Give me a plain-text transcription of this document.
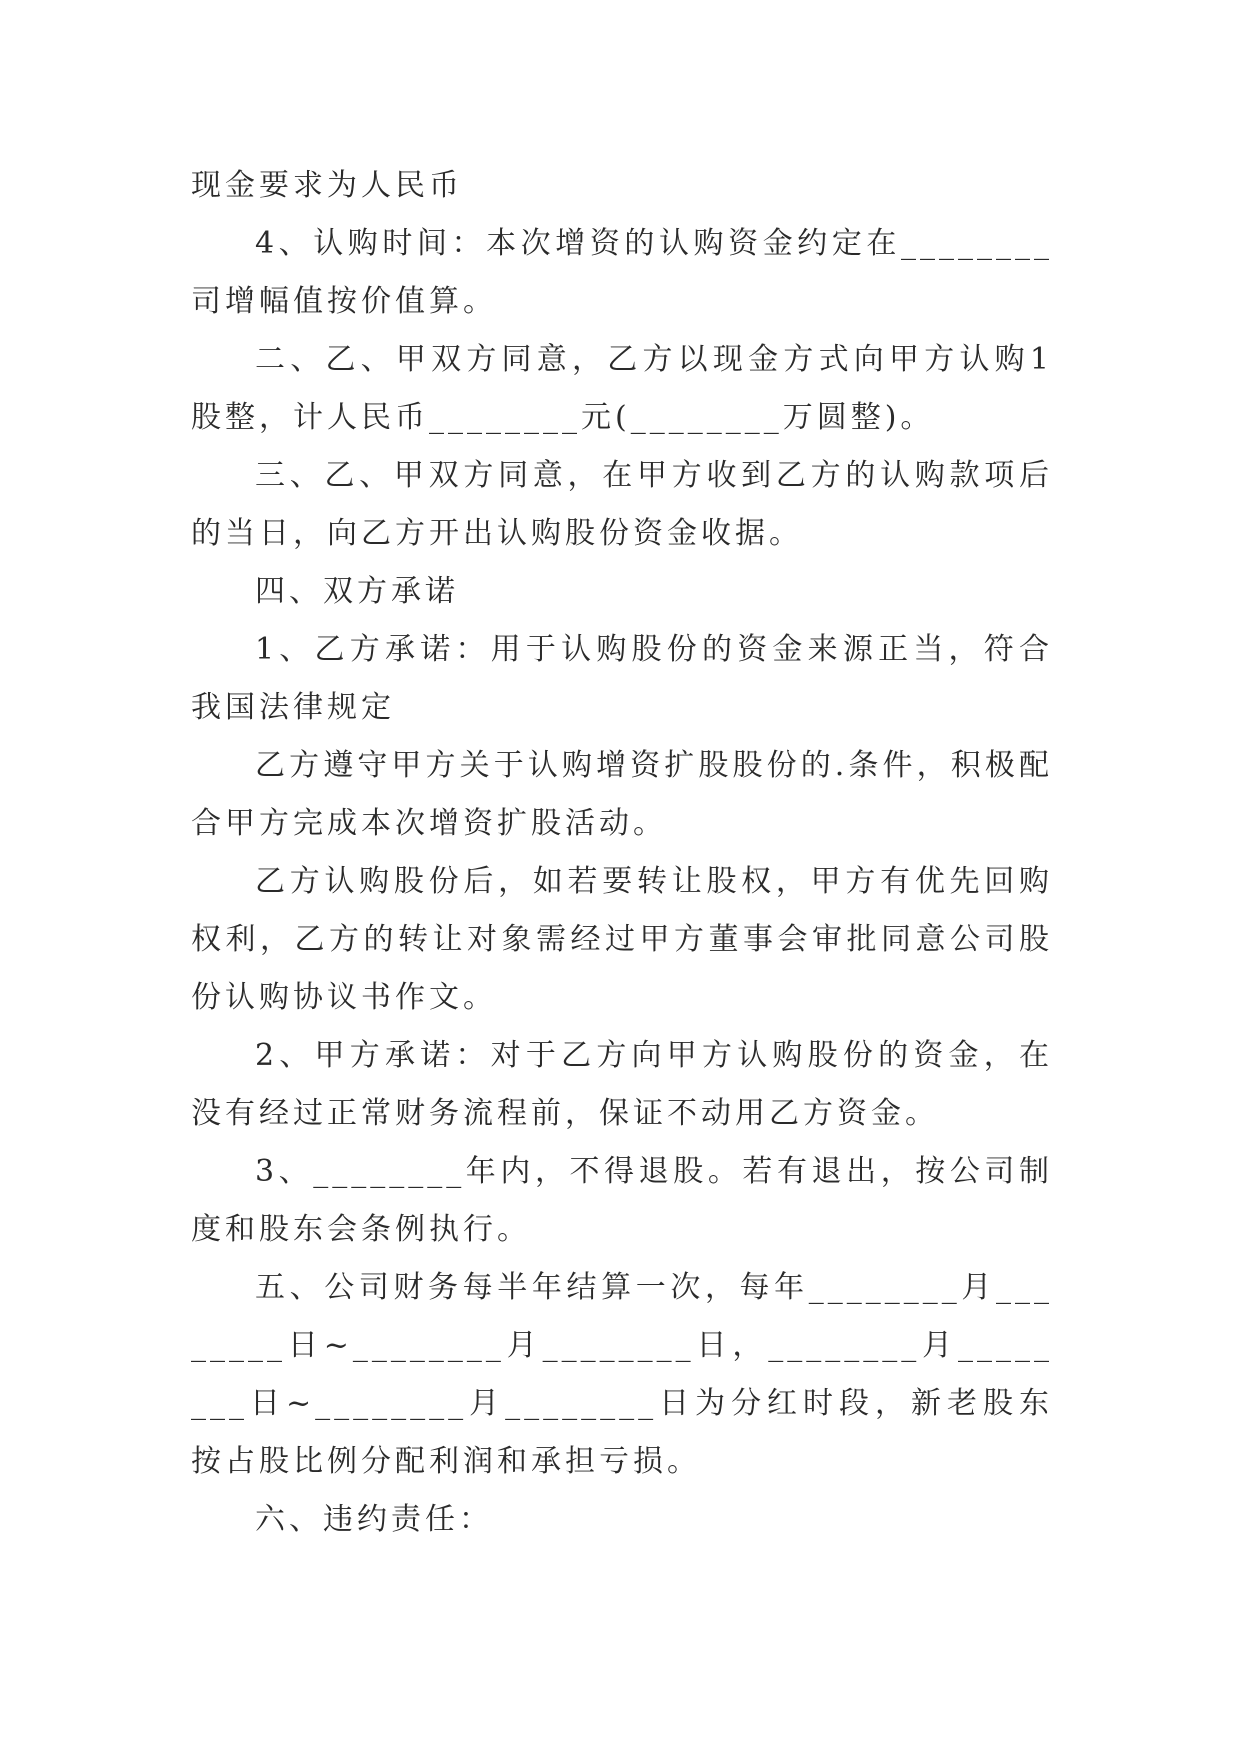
现金要求为人民币

4、认购时间：本次增资的认购资金约定在________司增幅值按价值算。

二、乙、甲双方同意，乙方以现金方式向甲方认购1股整，计人民币________元(________万圆整)。

三、乙、甲双方同意，在甲方收到乙方的认购款项后的当日，向乙方开出认购股份资金收据。

四、双方承诺

1、乙方承诺：用于认购股份的资金来源正当，符合我国法律规定

乙方遵守甲方关于认购增资扩股股份的.条件，积极配合甲方完成本次增资扩股活动。

乙方认购股份后，如若要转让股权，甲方有优先回购权利，乙方的转让对象需经过甲方董事会审批同意公司股份认购协议书作文。

2、甲方承诺：对于乙方向甲方认购股份的资金，在没有经过正常财务流程前，保证不动用乙方资金。

3、________年内，不得退股。若有退出，按公司制度和股东会条例执行。

五、公司财务每半年结算一次，每年________月________日~________月________日，________月________日~________月________日为分红时段，新老股东按占股比例分配利润和承担亏损。

六、违约责任：
